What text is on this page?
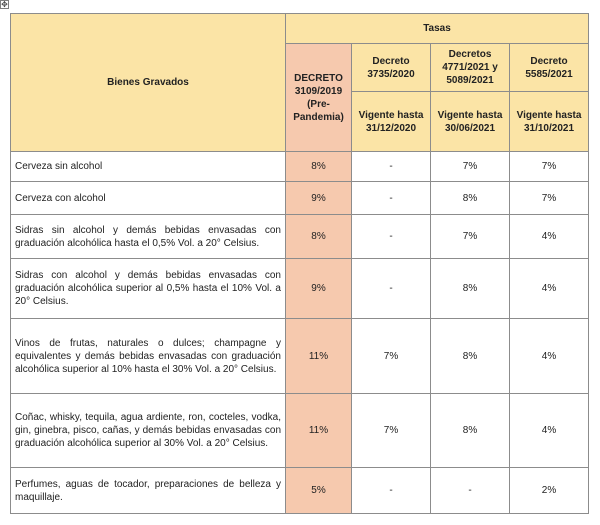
✥
Bienes Gravados	Tasas			
	DECRETO 3109/2019 (Pre-Pandemia)	Decreto 3735/2020	Decretos 4771/2021 y 5089/2021	Decreto 5585/2021
		Vigente hasta 31/12/2020	Vigente hasta 30/06/2021	Vigente hasta 31/10/2021
Cerveza sin alcohol	8%	-	7%	7%
Cerveza con alcohol	9%	-	8%	7%
Sidras sin alcohol y demás bebidas envasadas con graduación alcohólica hasta el 0,5% Vol. a 20° Celsius.	8%	-	7%	4%
Sidras con alcohol y demás bebidas envasadas con graduación alcohólica superior al 0,5% hasta el 10% Vol. a 20° Celsius.	9%	-	8%	4%
Vinos de frutas, naturales o dulces; champagne y equivalentes y demás bebidas envasadas con graduación alcohólica superior al 10% hasta el 30% Vol. a 20° Celsius.	11%	7%	8%	4%
Coñac, whisky, tequila, agua ardiente, ron, cocteles, vodka, gin, ginebra, pisco, cañas, y demás bebidas envasadas con graduación alcohólica superior al 30% Vol. a 20° Celsius.	11%	7%	8%	4%
Perfumes, aguas de tocador, preparaciones de belleza y maquillaje.	5%	-	-	2%
